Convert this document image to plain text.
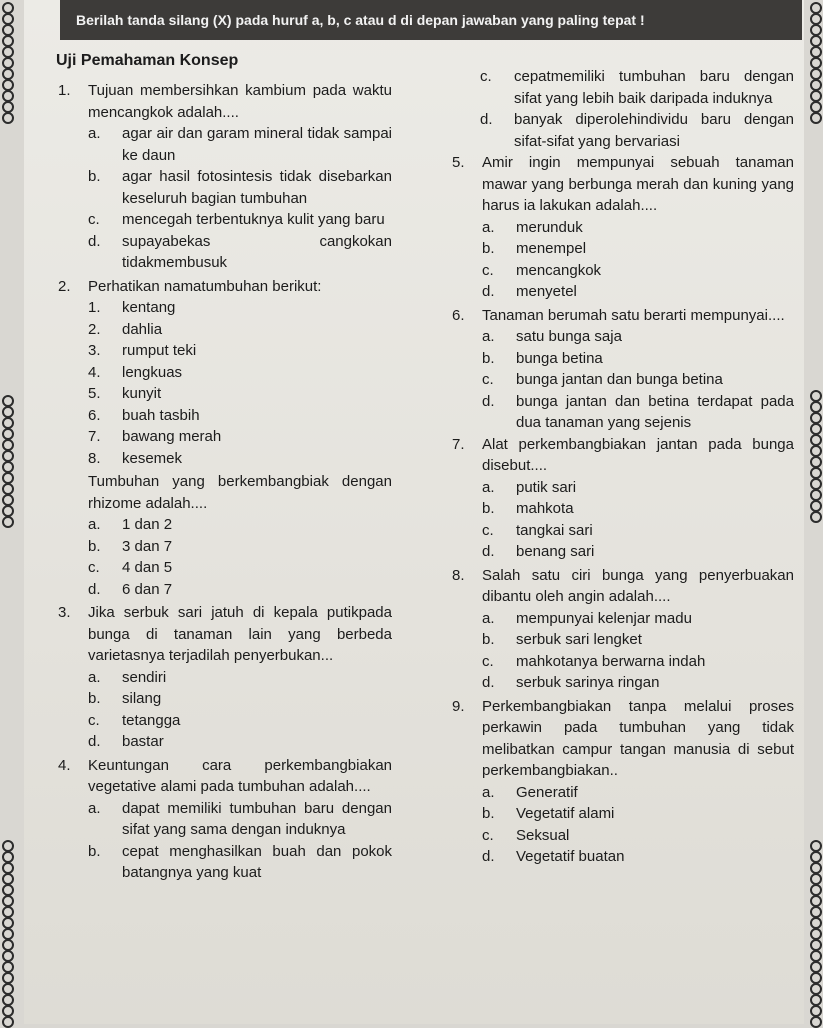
Berilah tanda silang (X) pada huruf a, b, c atau d di depan jawaban yang paling tepat !
Uji Pemahaman Konsep
1. Tujuan membersihkan kambium pada waktu mencangkok adalah....
a. agar air dan garam mineral tidak sampai ke daun
b. agar hasil fotosintesis tidak disebarkan keseluruh bagian tumbuhan
c. mencegah terbentuknya kulit yang baru
d. supayabekas cangkokan tidakmembusuk
2. Perhatikan namatumbuhan berikut:
1. kentang
2. dahlia
3. rumput teki
4. lengkuas
5. kunyit
6. buah tasbih
7. bawang merah
8. kesemek
Tumbuhan yang berkembangbiak dengan rhizome adalah....
a. 1 dan 2
b. 3 dan 7
c. 4 dan 5
d. 6 dan 7
3. Jika serbuk sari jatuh di kepala putikpada bunga di tanaman lain yang berbeda varietasnya terjadilah penyerbukan...
a. sendiri
b. silang
c. tetangga
d. bastar
4. Keuntungan cara perkembangbiakan vegetative alami pada tumbuhan adalah....
a. dapat memiliki tumbuhan baru dengan sifat yang sama dengan induknya
b. cepat menghasilkan buah dan pokok batangnya yang kuat
c. cepatmemiliki tumbuhan baru dengan sifat yang lebih baik daripada induknya
d. banyak diperolehindividu baru dengan sifat-sifat yang bervariasi
5. Amir ingin mempunyai sebuah tanaman mawar yang berbunga merah dan kuning yang harus ia lakukan adalah....
a. merunduk
b. menempel
c. mencangkok
d. menyetel
6. Tanaman berumah satu berarti mempunyai....
a. satu bunga saja
b. bunga betina
c. bunga jantan dan bunga betina
d. bunga jantan dan betina terdapat pada dua tanaman yang sejenis
7. Alat perkembangbiakan jantan pada bunga disebut....
a. putik sari
b. mahkota
c. tangkai sari
d. benang sari
8. Salah satu ciri bunga yang penyerbuakan dibantu oleh angin adalah....
a. mempunyai kelenjar madu
b. serbuk sari lengket
c. mahkotanya berwarna indah
d. serbuk sarinya ringan
9. Perkembangbiakan tanpa melalui proses perkawin pada tumbuhan yang tidak melibatkan campur tangan manusia di sebut perkembangbiakan..
a. Generatif
b. Vegetatif alami
c. Seksual
d. Vegetatif buatan
